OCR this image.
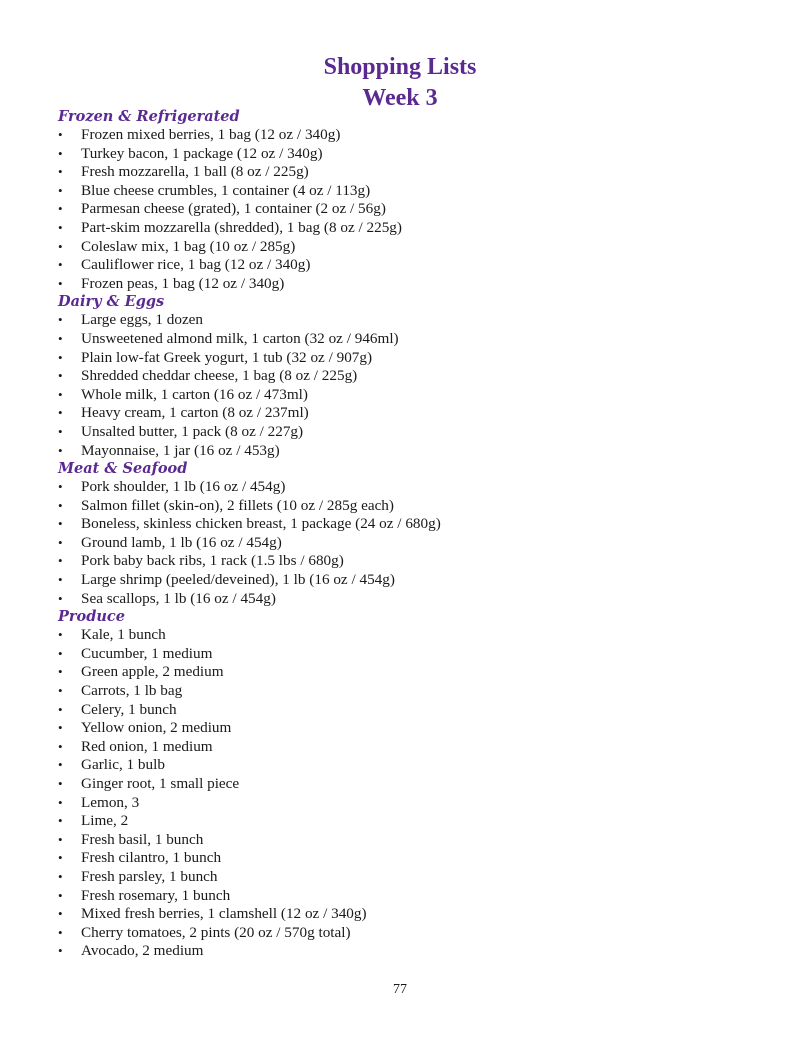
Shopping Lists
Week 3
Frozen & Refrigerated
• Frozen mixed berries, 1 bag (12 oz / 340g)
• Turkey bacon, 1 package (12 oz / 340g)
• Fresh mozzarella, 1 ball (8 oz / 225g)
• Blue cheese crumbles, 1 container (4 oz / 113g)
• Parmesan cheese (grated), 1 container (2 oz / 56g)
• Part-skim mozzarella (shredded), 1 bag (8 oz / 225g)
• Coleslaw mix, 1 bag (10 oz / 285g)
• Cauliflower rice, 1 bag (12 oz / 340g)
• Frozen peas, 1 bag (12 oz / 340g)
Dairy & Eggs
• Large eggs, 1 dozen
• Unsweetened almond milk, 1 carton (32 oz / 946ml)
• Plain low-fat Greek yogurt, 1 tub (32 oz / 907g)
• Shredded cheddar cheese, 1 bag (8 oz / 225g)
• Whole milk, 1 carton (16 oz / 473ml)
• Heavy cream, 1 carton (8 oz / 237ml)
• Unsalted butter, 1 pack (8 oz / 227g)
• Mayonnaise, 1 jar (16 oz / 453g)
Meat & Seafood
• Pork shoulder, 1 lb (16 oz / 454g)
• Salmon fillet (skin-on), 2 fillets (10 oz / 285g each)
• Boneless, skinless chicken breast, 1 package (24 oz / 680g)
• Ground lamb, 1 lb (16 oz / 454g)
• Pork baby back ribs, 1 rack (1.5 lbs / 680g)
• Large shrimp (peeled/deveined), 1 lb (16 oz / 454g)
• Sea scallops, 1 lb (16 oz / 454g)
Produce
• Kale, 1 bunch
• Cucumber, 1 medium
• Green apple, 2 medium
• Carrots, 1 lb bag
• Celery, 1 bunch
• Yellow onion, 2 medium
• Red onion, 1 medium
• Garlic, 1 bulb
• Ginger root, 1 small piece
• Lemon, 3
• Lime, 2
• Fresh basil, 1 bunch
• Fresh cilantro, 1 bunch
• Fresh parsley, 1 bunch
• Fresh rosemary, 1 bunch
• Mixed fresh berries, 1 clamshell (12 oz / 340g)
• Cherry tomatoes, 2 pints (20 oz / 570g total)
• Avocado, 2 medium
77
